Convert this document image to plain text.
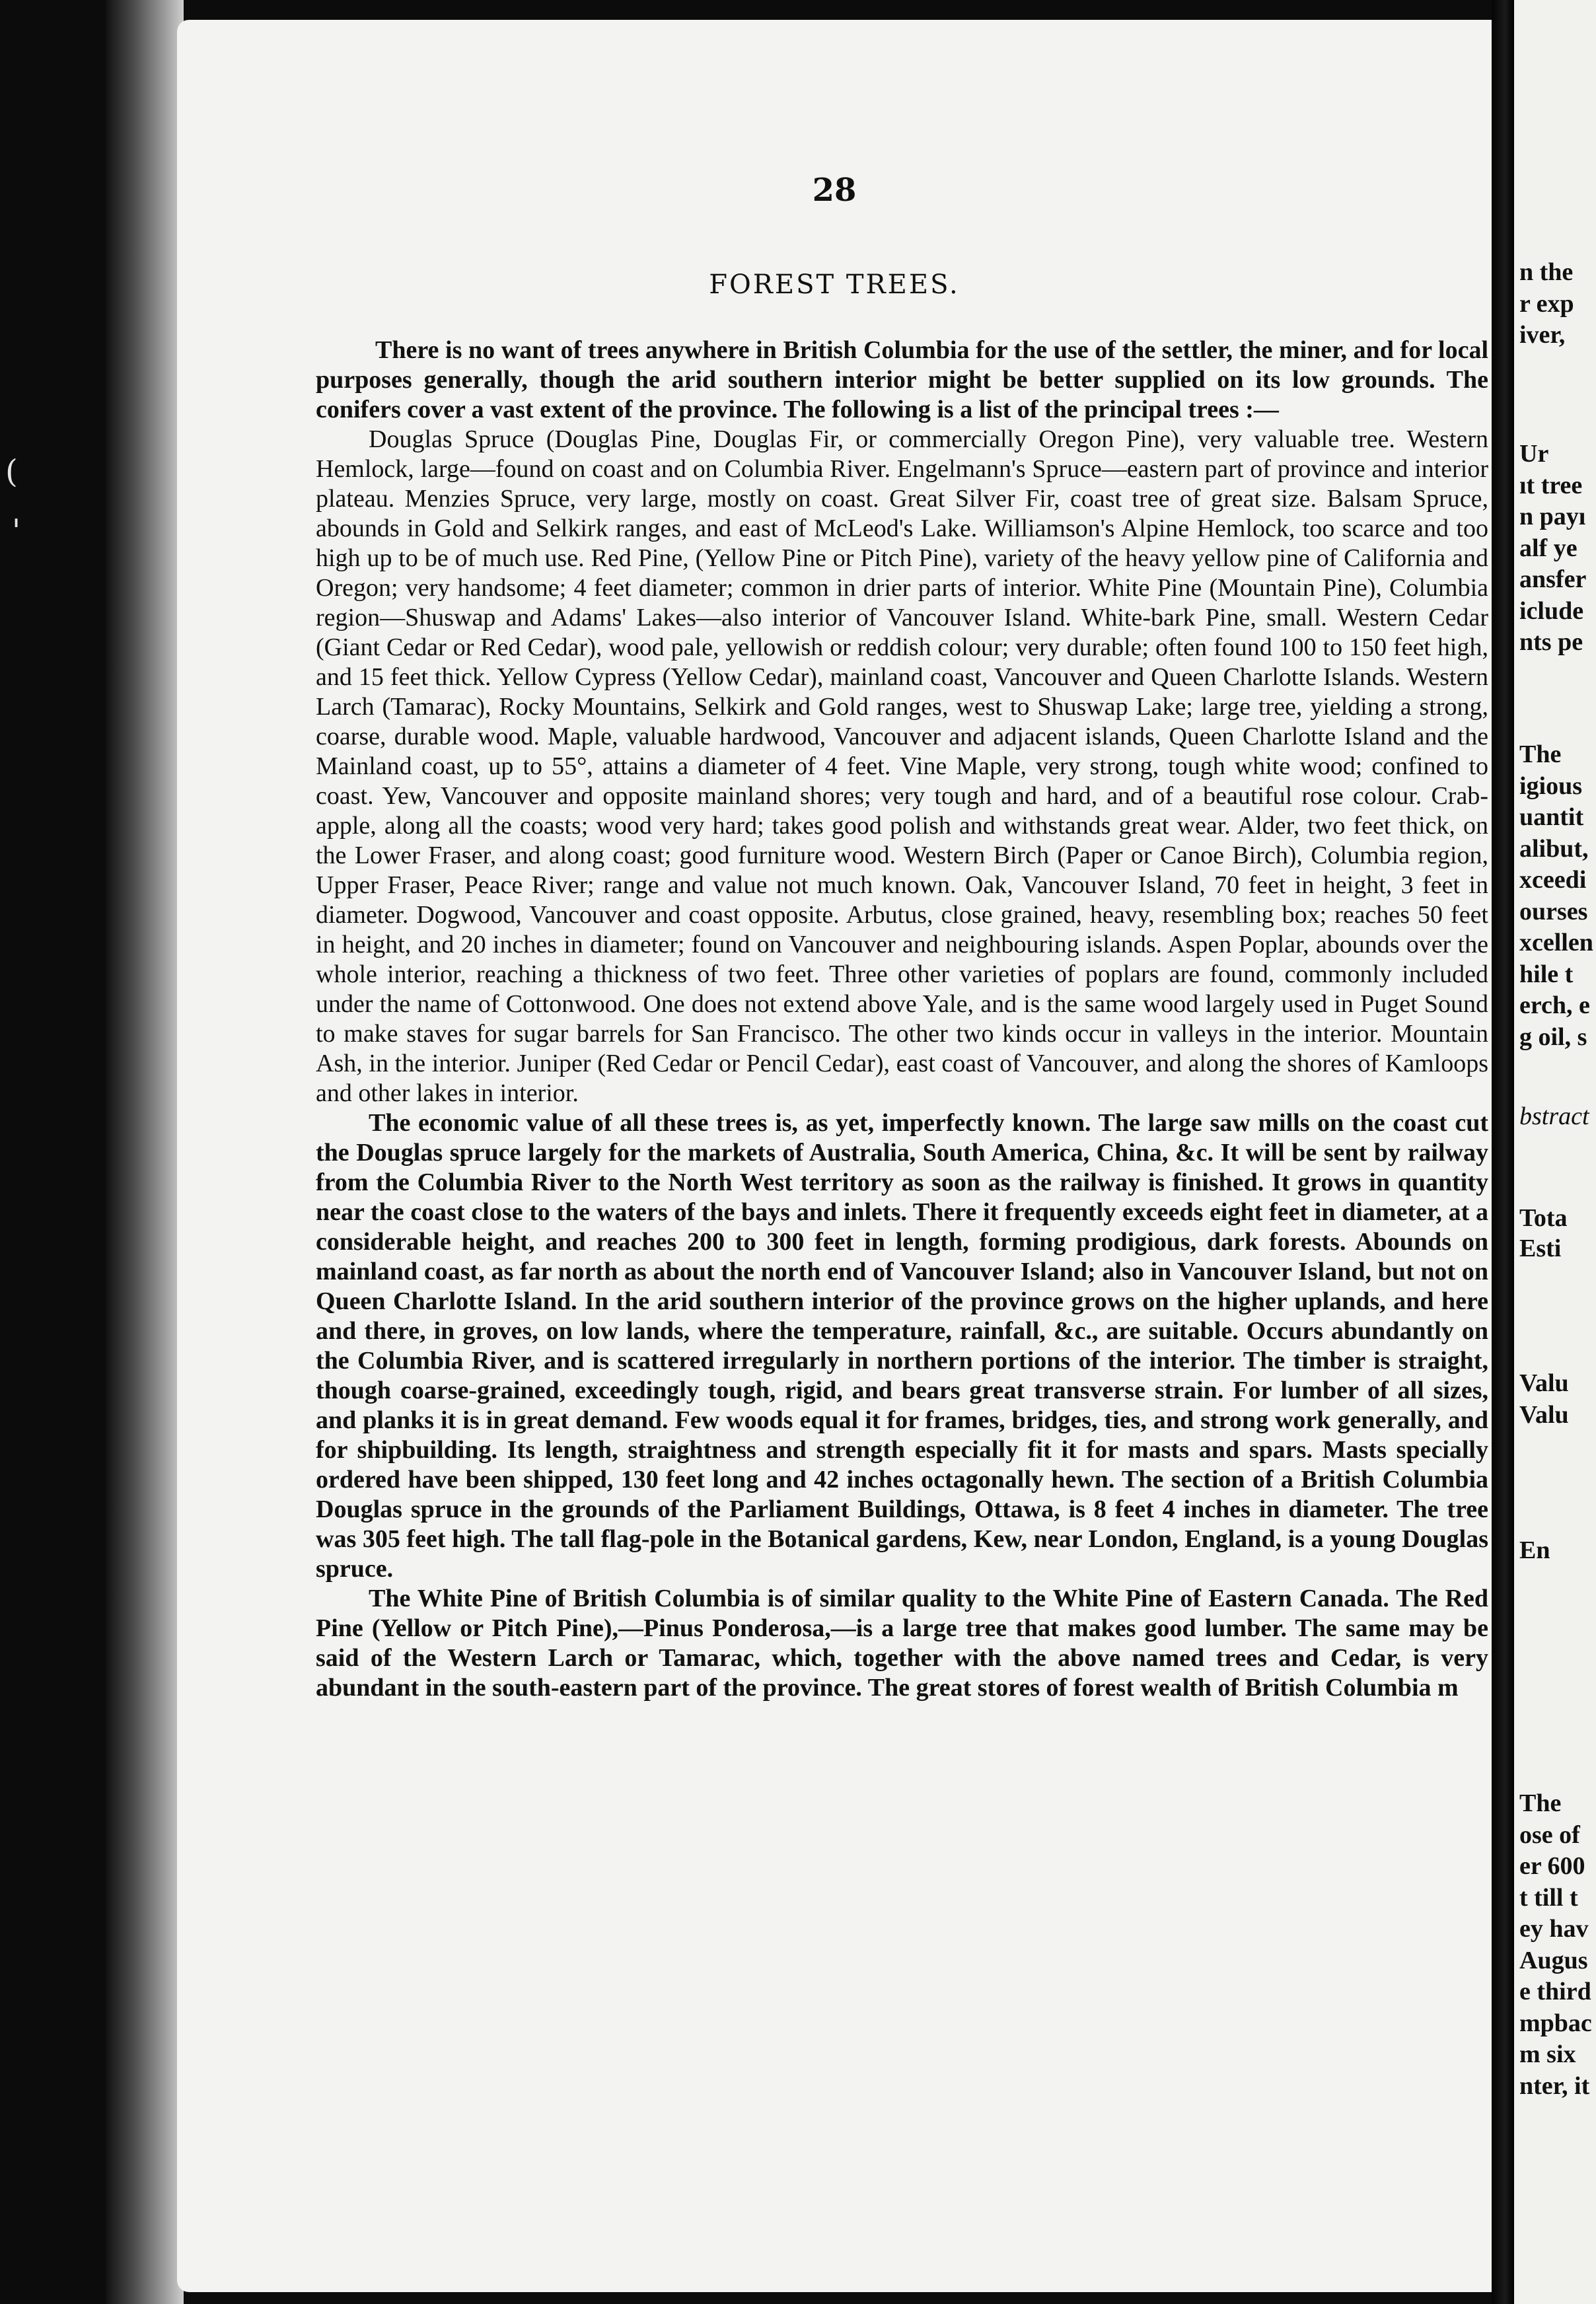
(
'
28
FOREST TREES.

There is no want of trees anywhere in British Columbia for the use of the settler, the miner, and for local purposes generally, though the arid southern interior might be better supplied on its low grounds. The conifers cover a vast extent of the province. The following is a list of the principal trees :—

Douglas Spruce (Douglas Pine, Douglas Fir, or commercially Oregon Pine), very valuable tree. Western Hemlock, large—found on coast and on Columbia River. Engelmann's Spruce—eastern part of province and interior plateau. Menzies Spruce, very large, mostly on coast. Great Silver Fir, coast tree of great size. Balsam Spruce, abounds in Gold and Selkirk ranges, and east of McLeod's Lake. Williamson's Alpine Hemlock, too scarce and too high up to be of much use. Red Pine, (Yellow Pine or Pitch Pine), variety of the heavy yellow pine of California and Oregon; very handsome; 4 feet diameter; common in drier parts of interior. White Pine (Mountain Pine), Columbia region—Shuswap and Adams' Lakes—also interior of Vancouver Island. White-bark Pine, small. Western Cedar (Giant Cedar or Red Cedar), wood pale, yellowish or reddish colour; very durable; often found 100 to 150 feet high, and 15 feet thick. Yellow Cypress (Yellow Cedar), mainland coast, Vancouver and Queen Charlotte Islands. Western Larch (Tamarac), Rocky Mountains, Selkirk and Gold ranges, west to Shuswap Lake; large tree, yielding a strong, coarse, durable wood. Maple, valuable hardwood, Vancouver and adjacent islands, Queen Charlotte Island and the Mainland coast, up to 55°, attains a diameter of 4 feet. Vine Maple, very strong, tough white wood; confined to coast. Yew, Vancouver and opposite mainland shores; very tough and hard, and of a beautiful rose colour. Crab-apple, along all the coasts; wood very hard; takes good polish and withstands great wear. Alder, two feet thick, on the Lower Fraser, and along coast; good furniture wood. Western Birch (Paper or Canoe Birch), Columbia region, Upper Fraser, Peace River; range and value not much known. Oak, Vancouver Island, 70 feet in height, 3 feet in diameter. Dogwood, Vancouver and coast opposite. Arbutus, close grained, heavy, resembling box; reaches 50 feet in height, and 20 inches in diameter; found on Vancouver and neighbouring islands. Aspen Poplar, abounds over the whole interior, reaching a thickness of two feet. Three other varieties of poplars are found, commonly included under the name of Cottonwood. One does not extend above Yale, and is the same wood largely used in Puget Sound to make staves for sugar barrels for San Francisco. The other two kinds occur in valleys in the interior. Mountain Ash, in the interior. Juniper (Red Cedar or Pencil Cedar), east coast of Vancouver, and along the shores of Kamloops and other lakes in interior.

The economic value of all these trees is, as yet, imperfectly known. The large saw mills on the coast cut the Douglas spruce largely for the markets of Australia, South America, China, &c. It will be sent by railway from the Columbia River to the North West territory as soon as the railway is finished. It grows in quantity near the coast close to the waters of the bays and inlets. There it frequently exceeds eight feet in diameter, at a considerable height, and reaches 200 to 300 feet in length, forming prodigious, dark forests. Abounds on mainland coast, as far north as about the north end of Vancouver Island; also in Vancouver Island, but not on Queen Charlotte Island. In the arid southern interior of the province grows on the higher uplands, and here and there, in groves, on low lands, where the temperature, rainfall, &c., are suitable. Occurs abundantly on the Columbia River, and is scattered irregularly in northern portions of the interior. The timber is straight, though coarse-grained, exceedingly tough, rigid, and bears great transverse strain. For lumber of all sizes, and planks it is in great demand. Few woods equal it for frames, bridges, ties, and strong work generally, and for shipbuilding. Its length, straightness and strength especially fit it for masts and spars. Masts specially ordered have been shipped, 130 feet long and 42 inches octagonally hewn. The section of a British Columbia Douglas spruce in the grounds of the Parliament Buildings, Ottawa, is 8 feet 4 inches in diameter. The tree was 305 feet high. The tall flag-pole in the Botanical gardens, Kew, near London, England, is a young Douglas spruce.

The White Pine of British Columbia is of similar quality to the White Pine of Eastern Canada. The Red Pine (Yellow or Pitch Pine),—Pinus Ponderosa,—is a large tree that makes good lumber. The same may be said of the Western Larch or Tamarac, which, together with the above named trees and Cedar, is very abundant in the south-eastern part of the province. The great stores of forest wealth of British Columbia m

n the
r exp
iver,
Ur
ıt tree
n payı
alf ye
ansfer
iclude
nts pe
The
igious
uantit
alibut,
xceedi
ourses
xcellen
hile t
erch, e
g oil, s
bstract
Tota
Esti
Valu
Valu
En
The
ose of
er 600
t till t
ey hav
Augus
e third
mpbac
m six
nter, it
